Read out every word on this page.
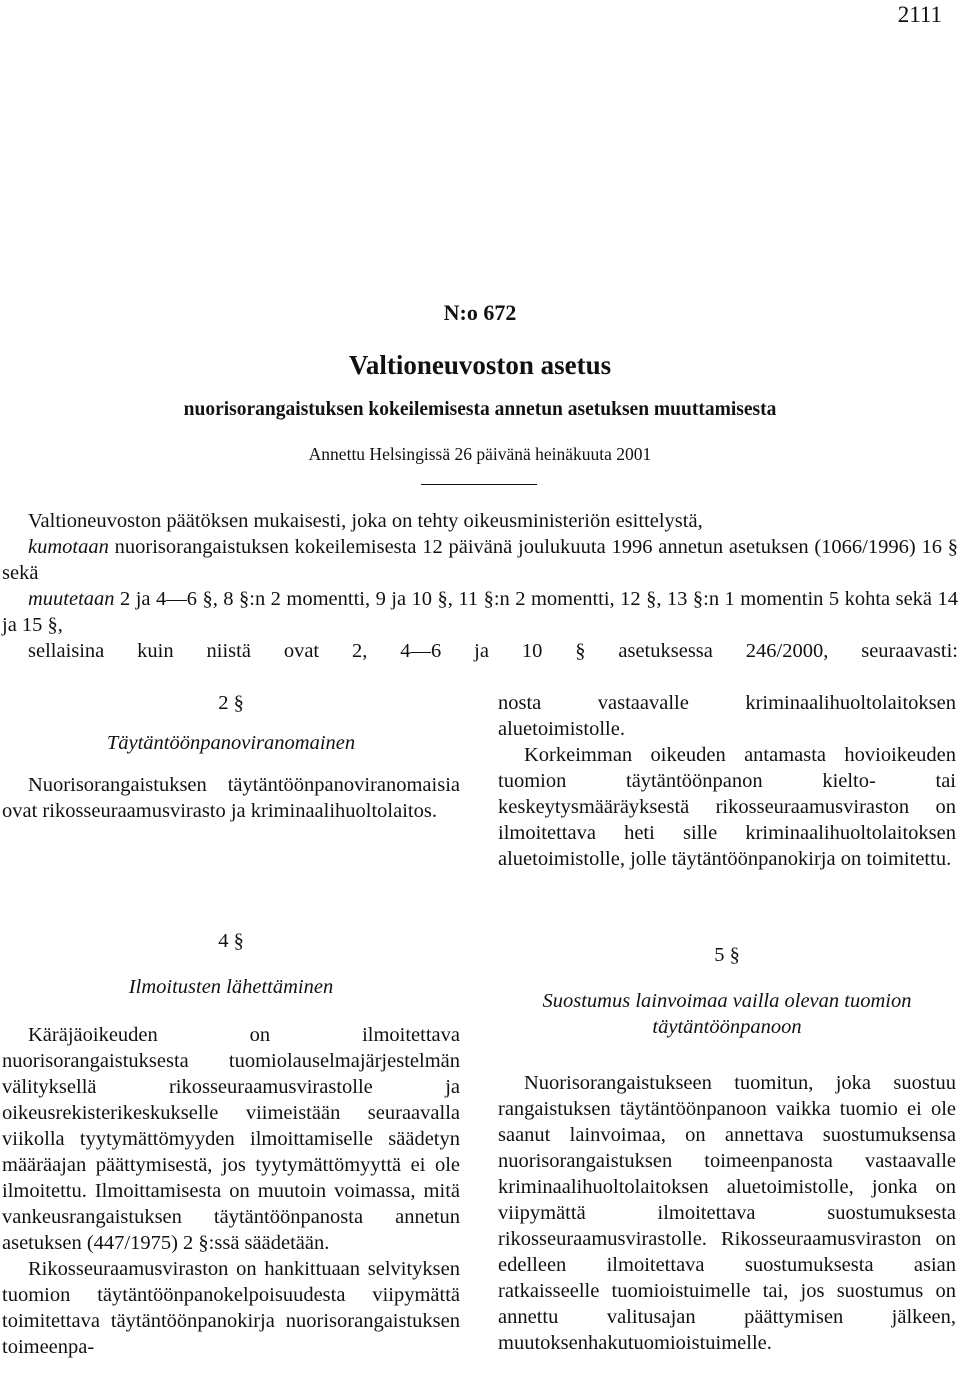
2111
N:o 672
Valtioneuvoston asetus
nuorisorangaistuksen kokeilemisesta annetun asetuksen muuttamisesta
Annettu Helsingissä 26 päivänä heinäkuuta 2001

Valtioneuvoston päätöksen mukaisesti, joka on tehty oikeusministeriön esittelystä,

kumotaan nuorisorangaistuksen kokeilemisesta 12 päivänä joulukuuta 1996 annetun asetuksen (1066/1996) 16 § sekä

muutetaan 2 ja 4—6 §, 8 §:n 2 momentti, 9 ja 10 §, 11 §:n 2 momentti, 12 §, 13 §:n 1 momentin 5 kohta sekä 14 ja 15 §,

sellaisina kuin niistä ovat 2, 4—6 ja 10 § asetuksessa 246/2000, seuraavasti:

2 §

Täytäntöönpanoviranomainen

Nuorisorangaistuksen täytäntöönpanoviranomaisia ovat rikosseuraamusvirasto ja kriminaalihuoltolaitos.

4 §

Ilmoitusten lähettäminen

Käräjäoikeuden on ilmoitettava nuorisorangaistuksesta tuomiolauselmajärjestelmän välityksellä rikosseuraamusvirastolle ja oikeusrekisterikeskukselle viimeistään seuraavalla viikolla tyytymättömyyden ilmoittamiselle säädetyn määräajan päättymisestä, jos tyytymättömyyttä ei ole ilmoitettu. Ilmoittamisesta on muutoin voimassa, mitä vankeusrangaistuksen täytäntöönpanosta annetun asetuksen (447/1975) 2 §:ssä säädetään.

Rikosseuraamusviraston on hankittuaan selvityksen tuomion täytäntöönpanokelpoisuudesta viipymättä toimitettava täytäntöönpanokirja nuorisorangaistuksen toimeenpa-

nosta vastaavalle kriminaalihuoltolaitoksen aluetoimistolle.

Korkeimman oikeuden antamasta hovioikeuden tuomion täytäntöönpanon kielto- tai keskeytysmääräyksestä rikosseuraamusviraston on ilmoitettava heti sille kriminaalihuoltolaitoksen aluetoimistolle, jolle täytäntöönpanokirja on toimitettu.

5 §

Suostumus lainvoimaa vailla olevan tuomion täytäntöönpanoon

Nuorisorangaistukseen tuomitun, joka suostuu rangaistuksen täytäntöönpanoon vaikka tuomio ei ole saanut lainvoimaa, on annettava suostumuksensa nuorisorangaistuksen toimeenpanosta vastaavalle kriminaalihuoltolaitoksen aluetoimistolle, jonka on viipymättä ilmoitettava suostumuksesta rikosseuraamusvirastolle. Rikosseuraamusviraston on edelleen ilmoitettava suostumuksesta asian ratkaisseelle tuomioistuimelle tai, jos suostumus on annettu valitusajan päättymisen jälkeen, muutoksenhakutuomioistuimelle.
